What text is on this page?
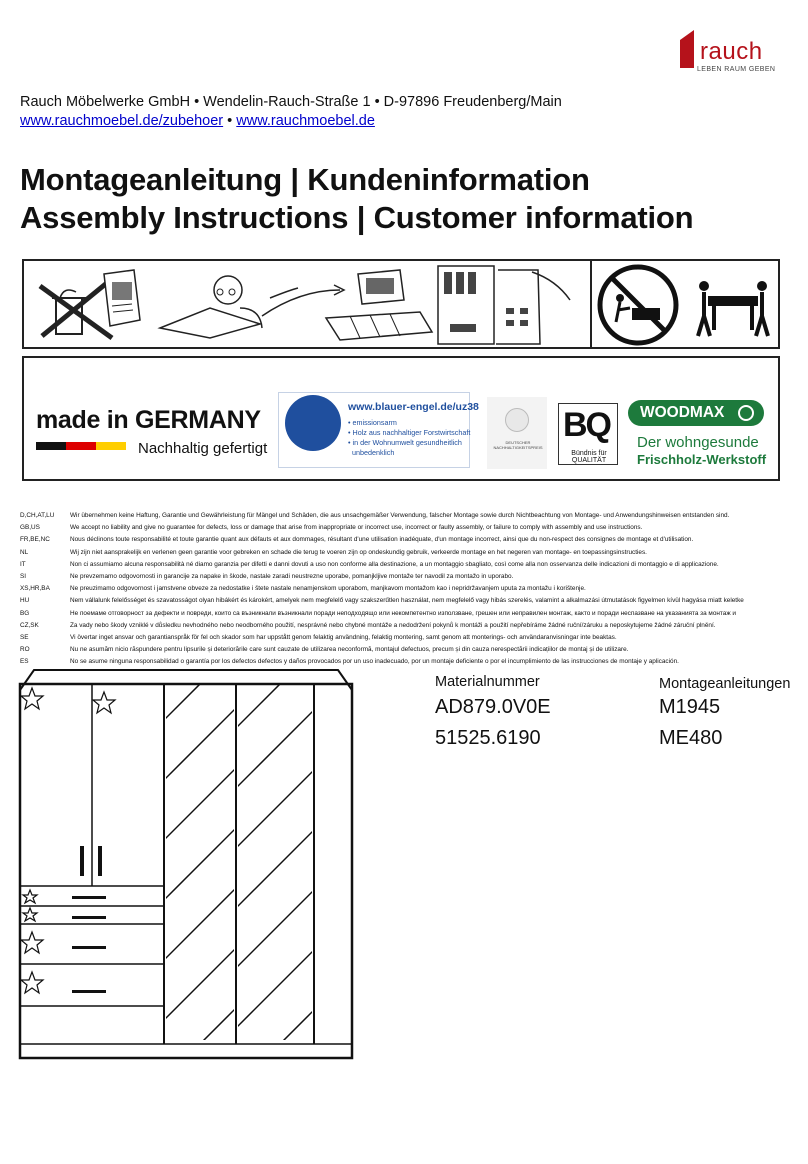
rauch
LEBEN RAUM GEBEN
Rauch Möbelwerke GmbH • Wendelin-Rauch-Straße 1 • D-97896 Freudenberg/Main
www.rauchmoebel.de/zubehoer • www.rauchmoebel.de
Montageanleitung | Kundeninformation
Assembly Instructions | Customer information
made in GERMANY
Nachhaltig gefertigt
www.blauer-engel.de/uz38
• emissionsarm
• Holz aus nachhaltiger Forstwirtschaft
• in der Wohnumwelt gesundheitlich
unbedenklich
DEUTSCHER NACHHALTIGKEITSPREIS
BQ
Bündnis für QUALITÄT
WOODMAX
Der wohngesunde
Frischholz-Werkstoff
D,CH,AT,LU	Wir übernehmen keine Haftung, Garantie und Gewährleistung für Mängel und Schäden, die aus unsachgemäßer Verwendung, falscher Montage sowie durch Nichtbeachtung von Montage- und Anwendungshinweisen entstanden sind.
GB,US	We accept no liability and give no guarantee for defects, loss or damage that arise from inappropriate or incorrect use, incorrect or faulty assembly, or failure to comply with assembly and use instructions.
FR,BE,NC	Nous déclinons toute responsabilité et toute garantie quant aux défauts et aux dommages, résultant d'une utilisation inadéquate, d'un montage incorrect, ainsi que du non-respect des consignes de montage et d'utilisation.
NL	Wij zijn niet aansprakelijk en verlenen geen garantie voor gebreken en schade die terug te voeren zijn op ondeskundig gebruik, verkeerde montage en het negeren van montage- en toepassingsinstructies.
IT	Non ci assumiamo alcuna responsabilità né diamo garanzia per difetti e danni dovuti a uso non conforme alla destinazione, a un montaggio sbagliato, così come alla non osservanza delle indicazioni di montaggio e di applicazione.
SI	Ne prevzemamo odgovornosti in garancije za napake in škode, nastale zaradi neustrezne uporabe, pomanjkljive montaže ter navodil za montažo in uporabo.
XS,HR,BA	Ne preuzimamo odgovornost i jamstvene obveze za nedostatke i štete nastale nenamjenskom uporabom, manjkavom montažom kao i nepridržavanjem uputa za montažu i korištenje.
HU	Nem vállalunk felelősséget és szavatosságot olyan hibákért és károkért, amelyek nem megfelelő vagy szakszerűtlen használat, nem megfelelő vagy hibás szerelés, valamint a alkalmazási útmutatások figyelmen kívül hagyása miatt keletke
BG	Не поемаме отговорност за дефекти и повреди, които са възникнали възникнали поради неподходящо или некомпетентно използване, грешен или неправилен монтаж, както и поради неспазване на указанията за монтаж и
CZ,SK	Za vady nebo škody vzniklé v důsledku nevhodného nebo neodborného použití, nesprávné nebo chybné montáže a nedodržení pokynů k montáži a použití nepřebíráme žádné ruční/záruku a neposkytujeme žádné záruční plnění.
SE	Vi övertar inget ansvar och garantianspråk för fel och skador som har uppstått genom felaktig användning, felaktig montering, samt genom att monterings- och användaranvisningar inte beaktas.
RO	Nu ne asumăm nicio răspundere pentru lipsurile și deteriorările care sunt cauzate de utilizarea neconformă, montajul defectuos, precum și din cauza nerespectării indicațiilor de montaj și de utilizare.
ES	No se asume ninguna responsabilidad o garantía por los defectos defectos y daños provocados por un uso inadecuado, por un montaje deficiente o por el incumplimiento de las instrucciones de montaje y aplicación.
Materialnummer
AD879.0V0E
51525.6190
Montageanleitungen
M1945
ME480
